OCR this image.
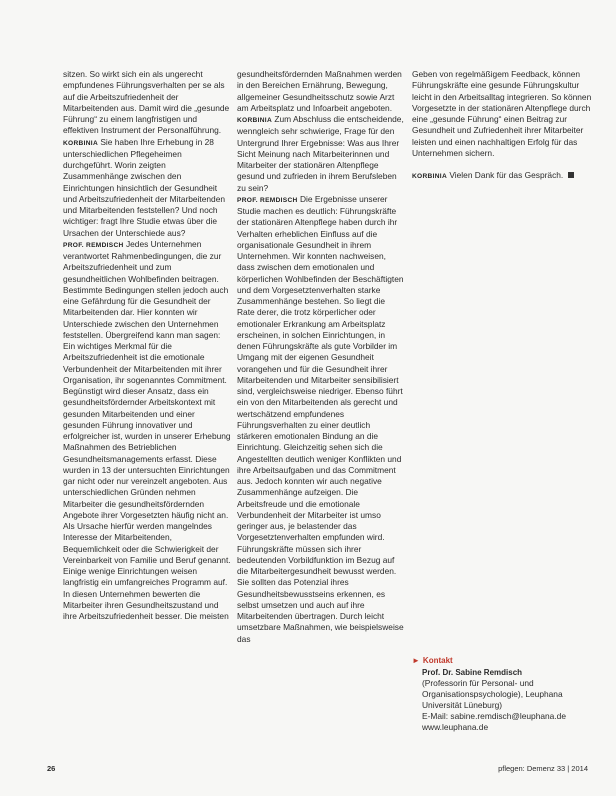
sitzen. So wirkt sich ein als ungerecht empfundenes Führungsverhalten per se als auf die Arbeitszufriedenheit der Mitarbeitenden aus. Damit wird die „gesunde Führung“ zu einem langfristigen und effektiven Instrument der Personalführung.

KORBINIA Sie haben Ihre Erhebung in 28 unterschiedlichen Pflegeheimen durchgeführt. Worin zeigten Zusammenhänge zwischen den Einrichtungen hinsichtlich der Gesundheit und Arbeitszufriedenheit der Mitarbeitenden und Mitarbeitenden feststellen? Und noch wichtiger: fragt Ihre Studie etwas über die Ursachen der Unterschiede aus?

PROF. REMDISCH Jedes Unternehmen verantwortet Rahmenbedingungen, die zur Arbeitszufriedenheit und zum gesundheitlichen Wohlbefinden beitragen. Bestimmte Bedingungen stellen jedoch auch eine Gefährdung für die Gesundheit der Mitarbeitenden dar. Hier konnten wir Unterschiede zwischen den Unternehmen feststellen. Übergreifend kann man sagen: Ein wichtiges Merkmal für die Arbeitszufriedenheit ist die emotionale Verbundenheit der Mitarbeitenden mit ihrer Organisation, ihr sogenanntes Commitment. Begünstigt wird dieser Ansatz, dass ein gesundheitsfördernder Arbeitskontext mit gesunden Mitarbeitenden und einer gesunden Führung innovativer und erfolgreicher ist, wurden in unserer Erhebung Maßnahmen des Betrieblichen Gesundheitsmanagements erfasst. Diese wurden in 13 der untersuchten Einrichtungen gar nicht oder nur vereinzelt angeboten. Aus unterschiedlichen Gründen nehmen Mitarbeiter die gesundheitsfördernden Angebote ihrer Vorgesetzten häufig nicht an. Als Ursache hierfür werden mangelndes Interesse der Mitarbeitenden, Bequemlichkeit oder die Schwierigkeit der Vereinbarkeit von Familie und Beruf genannt. Einige wenige Einrichtungen weisen langfristig ein umfangreiches Programm auf. In diesen Unternehmen bewerten die Mitarbeiter ihren Gesundheitszustand und ihre Arbeitszufriedenheit besser. Die meisten

gesundheitsfördernden Maßnahmen werden in den Bereichen Ernährung, Bewegung, allgemeiner Gesundheitsschutz sowie Arzt am Arbeitsplatz und Infoarbeit angeboten.

KORBINIA Zum Abschluss die entscheidende, wenngleich sehr schwierige, Frage für den Untergrund Ihrer Ergebnisse: Was aus Ihrer Sicht Meinung nach Mitarbeiterinnen und Mitarbeiter der stationären Altenpflege gesund und zufrieden in ihrem Berufsleben zu sein?

PROF. REMDISCH Die Ergebnisse unserer Studie machen es deutlich: Führungskräfte der stationären Altenpflege haben durch ihr Verhalten erheblichen Einfluss auf die organisationale Gesundheit in ihrem Unternehmen. Wir konnten nachweisen, dass zwischen dem emotionalen und körperlichen Wohlbefinden der Beschäftigten und dem Vorgesetztenverhalten starke Zusammenhänge bestehen. So liegt die Rate derer, die trotz körperlicher oder emotionaler Erkrankung am Arbeitsplatz erscheinen, in solchen Einrichtungen, in denen Führungskräfte als gute Vorbilder im Umgang mit der eigenen Gesundheit vorangehen und für die Gesundheit ihrer Mitarbeitenden und Mitarbeiter sensibilisiert sind, vergleichsweise niedriger. Ebenso führt ein von den Mitarbeitenden als gerecht und wertschätzend empfundenes Führungsverhalten zu einer deutlich stärkeren emotionalen Bindung an die Einrichtung. Gleichzeitig sehen sich die Angestellten deutlich weniger Konflikten und ihre Arbeitsaufgaben und das Commitment aus. Jedoch konnten wir auch negative Zusammenhänge aufzeigen. Die Arbeitsfreude und die emotionale Verbundenheit der Mitarbeiter ist umso geringer aus, je belastender das Vorgesetztenverhalten empfunden wird. Führungskräfte müssen sich ihrer bedeutenden Vorbildfunktion im Bezug auf die Mitarbeitergesundheit bewusst werden. Sie sollten das Potenzial ihres Gesundheitsbewusstseins erkennen, es selbst umsetzen und auch auf ihre Mitarbeitenden übertragen. Durch leicht umsetzbare Maßnahmen, wie beispielsweise das

Geben von regelmäßigem Feedback, können Führungskräfte eine gesunde Führungskultur leicht in den Arbeitsalltag integrieren. So können Vorgesetzte in der stationären Altenpflege durch eine „gesunde Führung“ einen Beitrag zur Gesundheit und Zufriedenheit ihrer Mitarbeiter leisten und einen nachhaltigen Erfolg für das Unternehmen sichern.

KORBINIA Vielen Dank für das Gespräch.

► Kontakt
Prof. Dr. Sabine Remdisch
(Professorin für Personal- und Organisationspsychologie), Leuphana Universität Lüneburg)
E-Mail: sabine.remdisch@leuphana.de
www.leuphana.de
26	pflegen: Demenz 33 | 2014
